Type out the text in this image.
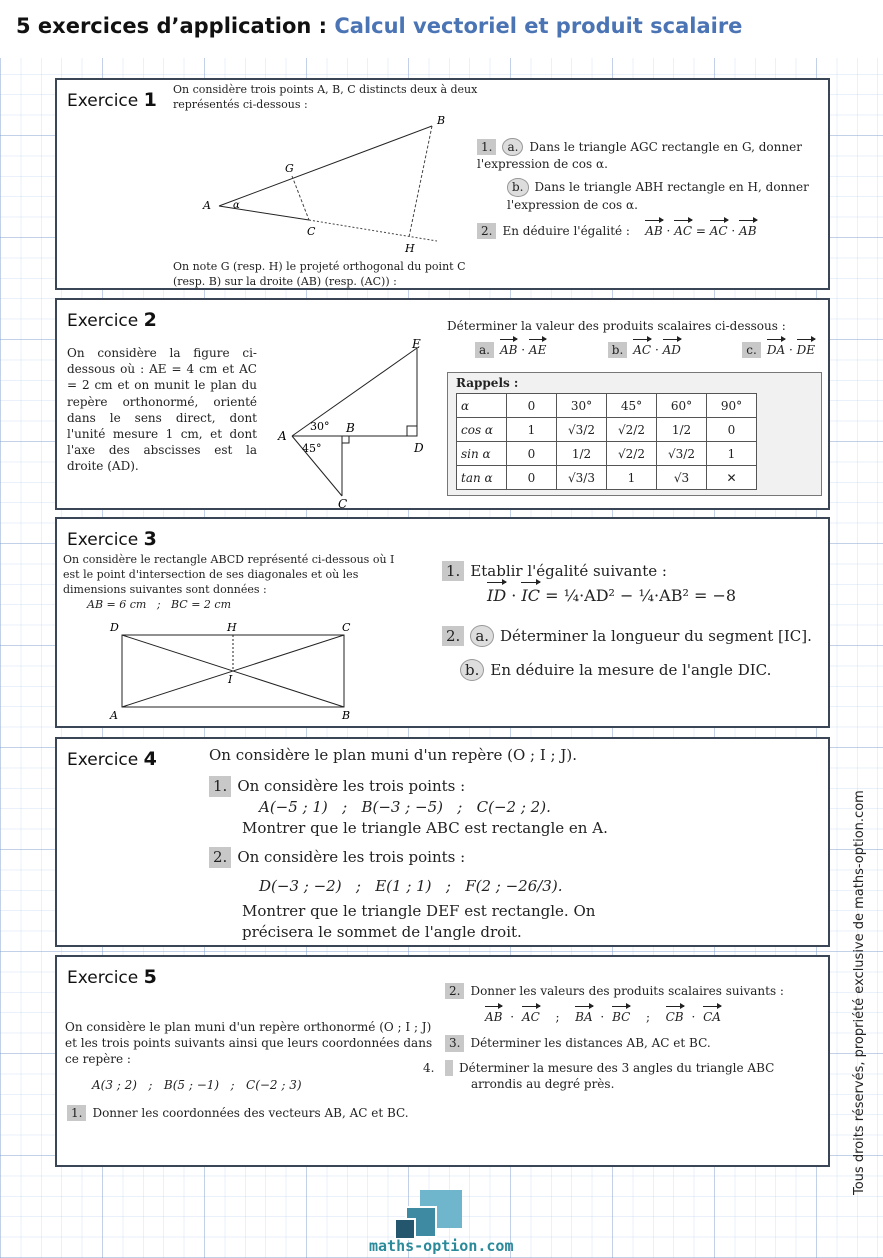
5 exercices d’application : Calcul vectoriel et produit scalaire
Exercice 1 On considère trois points A, B, C distincts deux à deux représentés ci-dessous :
A
B
C
G
H
α
On note G (resp. H) le projeté orthogonal du point C (resp. B) sur la droite (AB) (resp. (AC)) :
1. a. Dans le triangle AGC rectangle en G, donner l'expression de cos α.
b. Dans le triangle ABH rectangle en H, donner l'expression de cos α.
2. En déduire l'égalité : AB · AC = AC · AB
Exercice 2
On considère la figure ci-dessous où : AE = 4 cm et AC = 2 cm et on munit le plan du repère orthonormé, orienté dans le sens direct, dont l'unité mesure 1 cm, et dont l'axe des abscisses est la droite (AD).
A
B
C
D
E
30°
45°
Déterminer la valeur des produits scalaires ci-dessous :
a. AB · AE	b. AC · AD	c. DA · DE
Rappels :
α	0	30°	45°	60°	90°
cos α	1	√3/2	√2/2	1/2	0
sin α	0	1/2	√2/2	√3/2	1
tan α	0	√3/3	1	√3	✕
Exercice 3
On considère le rectangle ABCD représenté ci-dessous où I est le point d'intersection de ses diagonales et où les dimensions suivantes sont données :
AB = 6 cm   ;   BC = 2 cm
D	C
A	B
H
I
1. Etablir l'égalité suivante :
ID · IC = ¼·AD² − ¼·AB² = −8
2. a. Déterminer la longueur du segment [IC].
b. En déduire la mesure de l'angle DIC.
Exercice 4	On considère le plan muni d'un repère (O ; I ; J).
1. On considère les trois points :
A(−5 ; 1)   ;   B(−3 ; −5)   ;   C(−2 ; 2).
Montrer que le triangle ABC est rectangle en A.
2. On considère les trois points :
D(−3 ; −2)   ;   E(1 ; 1)   ;   F(2 ; −26/3).
Montrer que le triangle DEF est rectangle. On précisera le sommet de l'angle droit.
Exercice 5
On considère le plan muni d'un repère orthonormé (O ; I ; J) et les trois points suivants ainsi que leurs coordonnées dans ce repère :
A(3 ; 2)   ;   B(5 ; −1)   ;   C(−2 ; 3)
1. Donner les coordonnées des vecteurs AB, AC et BC.
2. Donner les valeurs des produits scalaires suivants :
AB · AC ; BA · BC ; CB · CA
3. Déterminer les distances AB, AC et BC.
4. Déterminer la mesure des 3 angles du triangle ABC arrondis au degré près.	Tous droits réservés, propriété exclusive de maths-option.com
maths-option.com
